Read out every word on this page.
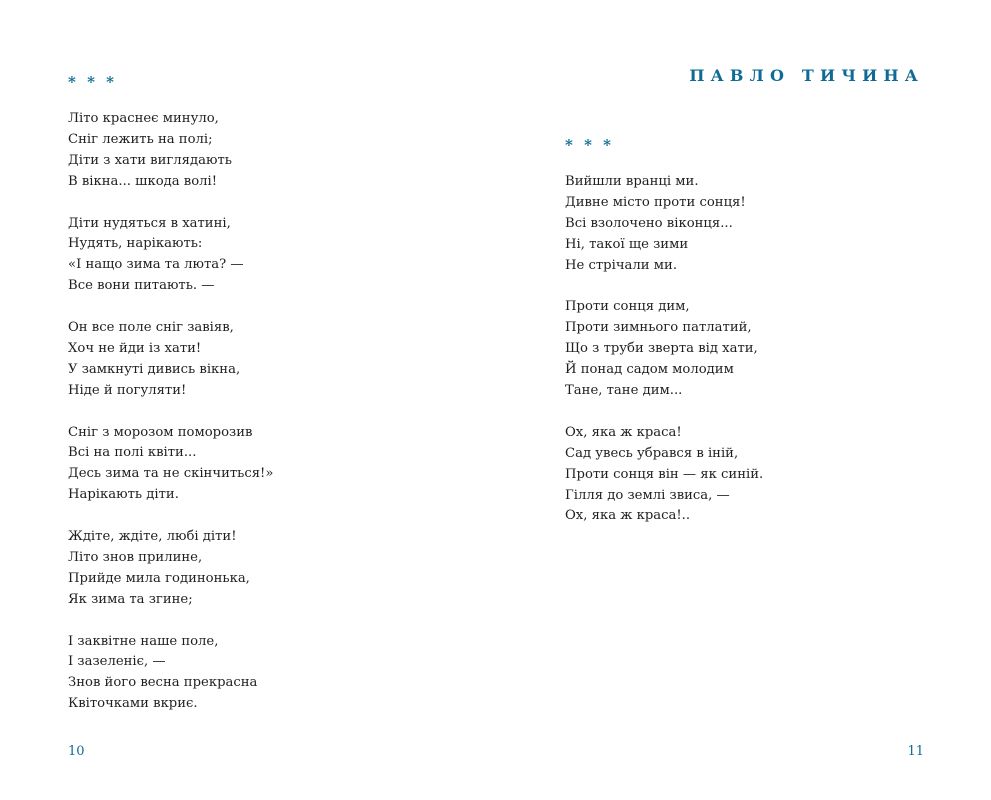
* * *
Літо краснеє минуло,
Сніг лежить на полі;
Діти з хати виглядають
В вікна... шкода волі!
Діти нудяться в хатині,
Нудять, нарікають:
«І нащо зима та люта? —
Все вони питають. —
Он все поле сніг завіяв,
Хоч не йди із хати!
У замкнуті дивись вікна,
Ніде й погуляти!
Сніг з морозом поморозив
Всі на полі квіти...
Десь зима та не скінчиться!»
Нарікають діти.
Ждіте, ждіте, любі діти!
Літо знов прилине,
Прийде мила годинонька,
Як зима та згине;
І заквітне наше поле,
І зазеленіє, —
Знов його весна прекрасна
Квіточками вкриє.
10
ПАВЛО ТИЧИНА
* * *
Вийшли вранці ми.
Дивне місто проти сонця!
Всі взолочено віконця...
Ні, такої ще зими
Не стрічали ми.
Проти сонця дим,
Проти зимнього патлатий,
Що з труби зверта від хати,
Й понад садом молодим
Тане, тане дим...
Ох, яка ж краса!
Сад увесь убрався в іній,
Проти сонця він — як синій.
Гілля до землі звиса, —
Ох, яка ж краса!..
11
